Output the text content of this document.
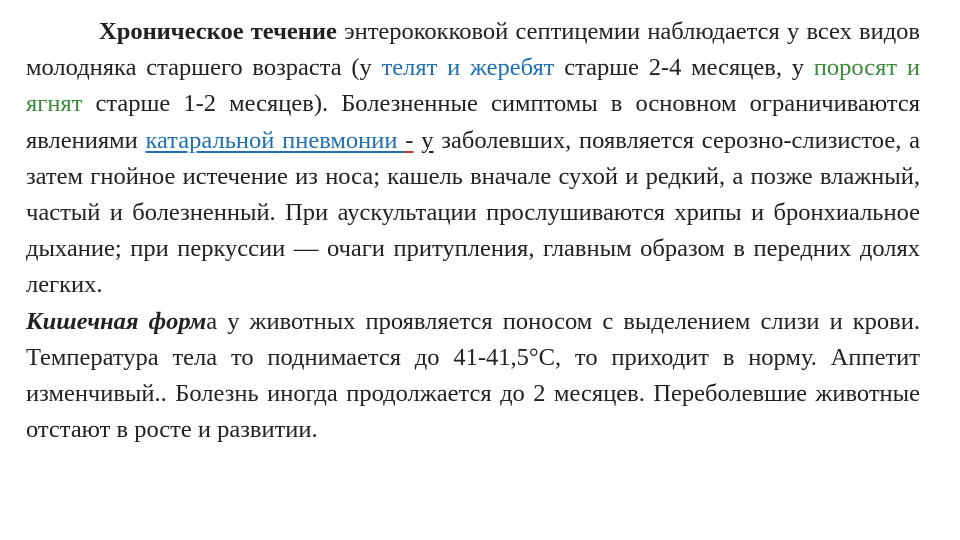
Хроническое течение энтерококковой септицемии наблюдается у всех видов молодняка старшего возраста (у телят и жеребят старше 2-4 месяцев, у поросят и ягнят старше 1-2 месяцев). Болезненные симптомы в основном ограничиваются явлениями катаральной пневмонии - у заболевших, появляется серозно-слизистое, а затем гнойное истечение из носа; кашель вначале сухой и редкий, а позже влажный, частый и болезненный. При аускультации прослушиваются хрипы и бронхиальное дыхание; при перкуссии — очаги притупления, главным образом в передних долях легких.

Кишечная форма у животных проявляется поносом с выделением слизи и крови. Температура тела то поднимается до 41-41,5°С, то приходит в норму. Аппетит изменчивый.. Болезнь иногда продолжается до 2 месяцев. Переболевшие животные отстают в росте и развитии.
